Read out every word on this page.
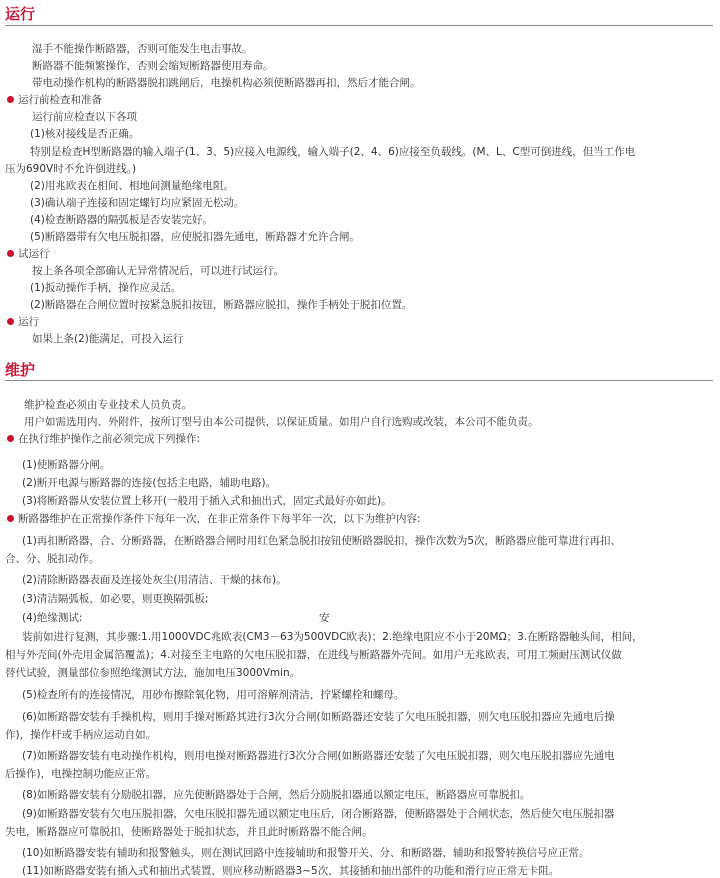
运行
湿手不能操作断路器，否则可能发生电击事故。
断路器不能频繁操作，否则会缩短断路器使用寿命。
带电动操作机构的断路器脱扣跳闸后，电操机构必须使断路器再扣，然后才能合闸。
运行前检查和准备
运行前应检查以下各项
(1)核对接线是否正确。
特别是检查H型断路器的输入端子(1、3、5)应接入电源线，输入端子(2、4、6)应接至负载线。(M、L、C型可倒进线，但当工作电
压为690V时不允许倒进线。)
(2)用兆欧表在相间、相地间测量绝缘电阻。
(3)确认端子连接和固定螺钉均应紧固无松动。
(4)检查断路器的隔弧板是否安装完好。
(5)断路器带有欠电压脱扣器，应使脱扣器先通电，断路器才允许合闸。
试运行
按上条各项全部确认无异常情况后，可以进行试运行。
(1)扳动操作手柄，操作应灵活。
(2)断路器在合闸位置时按紧急脱扣按钮，断路器应脱扣，操作手柄处于脱扣位置。
运行
如果上条(2)能满足，可投入运行
维护
维护检查必须由专业技术人员负责。
用户如需选用内、外附件，按所订型号由本公司提供，以保证质量。如用户自行选购或改装，本公司不能负责。
在执行维护操作之前必须完成下列操作:
(1)使断路器分闸。
(2)断开电源与断路器的连接(包括主电路，辅助电路)。
(3)将断路器从安装位置上移开(一般用于插入式和抽出式，固定式最好亦如此)。
断路器维护在正常操作条件下每年一次，在非正常条件下每半年一次，以下为维护内容:
(1)再扣断路器，合、分断路器，在断路器合闸时用红色紧急脱扣按钮使断路器脱扣，操作次数为5次，断路器应能可靠进行再扣、
合、分、脱扣动作。
(2)清除断路器表面及连接处灰尘(用清洁、干燥的抹布)。
(3)清洁隔弧板，如必要，则更换隔弧板;
(4)绝缘测试:	安
装前如进行复测，其步骤:1.用1000VDC兆欧表(CM3－63为500VDC欧表)；2.绝缘电阻应不小于20MΩ；3.在断路器触头间，相间，
相与外壳间(外壳用金属箔覆盖)；4.对接至主电路的欠电压脱扣器，在进线与断路器外壳间。如用户无兆欧表，可用工频耐压测试仪做
替代试验，测量部位参照绝缘测试方法，施加电压3000Vmin。
(5)检查所有的连接情况，用砂布擦除氧化物，用可溶解剂清洁，拧紧螺栓和螺母。
(6)如断路器安装有手操机构，则用手操对断路其进行3次分合闸(如断路器还安装了欠电压脱扣器，则欠电压脱扣器应先通电后操
作)，操作杆或手柄应运动自如。
(7)如断路器安装有电动操作机构，则用电操对断路器进行3次分合闸(如断路器还安装了欠电压脱扣器，则欠电压脱扣器应先通电
后操作)，电操控制功能应正常。
(8)如断路器安装有分励脱扣器，应先使断路器处于合闸，然后分励脱扣器通以额定电压，断路器应可靠脱扣。
(9)如断路器安装有欠电压脱扣器，欠电压脱扣器先通以额定电压后，闭合断路器，使断路器处于合闸状态，然后使欠电压脱扣器
失电，断路器应可靠脱扣，使断路器处于脱扣状态，并且此时断路器不能合闸。
(10)如断路器安装有辅助和报警触头，则在测试回路中连接辅助和报警开关、分、和断路器，辅助和报警转换信号应正常。
(11)如断路器安装有插入式和抽出式装置，则应移动断路器3~5次，其接插和抽出部件的功能和滑行应正常无卡阻。
